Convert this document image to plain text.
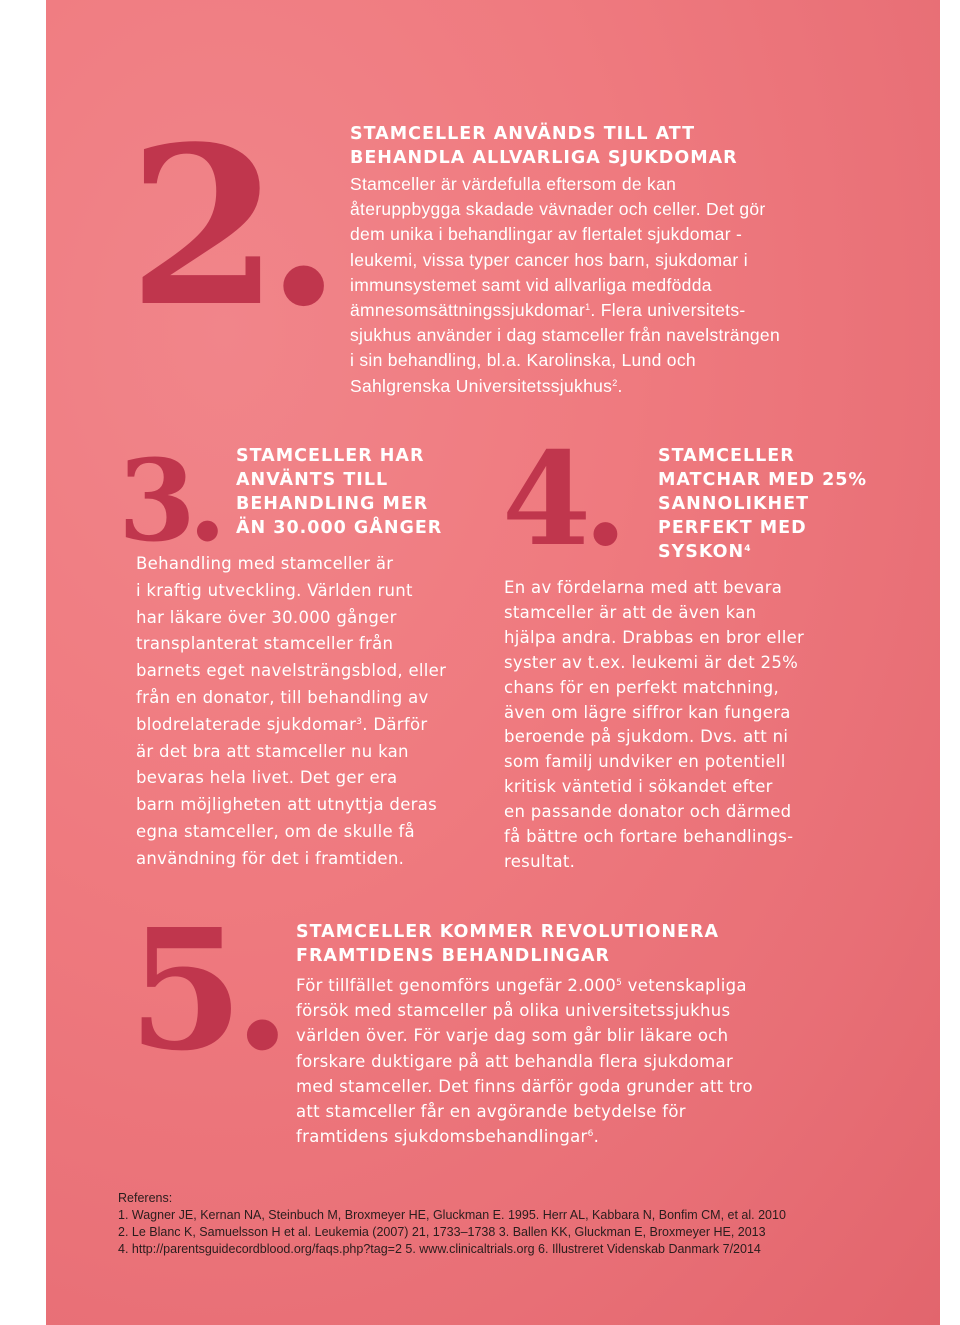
2. STAMCELLER ANVÄNDS TILL ATT
BEHANDLA ALLVARLIGA SJUKDOMAR
Stamceller är värdefulla eftersom de kan
återuppbygga skadade vävnader och celler. Det gör
dem unika i behandlingar av flertalet sjukdomar -
leukemi, vissa typer cancer hos barn, sjukdomar i
immunsystemet samt vid allvarliga medfödda
ämnesomsättningssjukdomar$^1$. Flera universitets-
sjukhus använder i dag stamceller från navelsträngen
i sin behandling, bl.a. Karolinska, Lund och
Sahlgrenska Universitetssjukhus$^2$.
3. STAMCELLER HAR
ANVÄNTS TILL
BEHANDLING MER
ÄN 30.000 GÅNGER
Behandling med stamceller är
i kraftig utveckling. Världen runt
har läkare över 30.000 gånger
transplanterat stamceller från
barnets eget navelsträngsblod, eller
från en donator, till behandling av
blodrelaterade sjukdomar$^3$. Därför
är det bra att stamceller nu kan
bevaras hela livet. Det ger era
barn möjligheten att utnyttja deras
egna stamceller, om de skulle få
användning för det i framtiden.
4. STAMCELLER
MATCHAR MED 25%
SANNOLIKHET
PERFEKT MED
SYSKON$^4$
En av fördelarna med att bevara
stamceller är att de även kan
hjälpa andra. Drabbas en bror eller
syster av t.ex. leukemi är det 25%
chans för en perfekt matchning,
även om lägre siffror kan fungera
beroende på sjukdom. Dvs. att ni
som familj undviker en potentiell
kritisk väntetid i sökandet efter
en passande donator och därmed
få bättre och fortare behandlings-
resultat.
5. STAMCELLER KOMMER REVOLUTIONERA
FRAMTIDENS BEHANDLINGAR
För tillfället genomförs ungefär 2.000$^5$ vetenskapliga
försök med stamceller på olika universitetssjukhus
världen över. För varje dag som går blir läkare och
forskare duktigare på att behandla flera sjukdomar
med stamceller. Det finns därför goda grunder att tro
att stamceller får en avgörande betydelse för
framtidens sjukdomsbehandlingar$^6$.
Referens:
1. Wagner JE, Kernan NA, Steinbuch M, Broxmeyer HE, Gluckman E. 1995. Herr AL, Kabbara N, Bonfim CM, et al. 2010
2. Le Blanc K, Samuelsson H et al. Leukemia (2007) 21, 1733–1738 3. Ballen KK, Gluckman E, Broxmeyer HE, 2013
4. http://parentsguidecordblood.org/faqs.php?tag=2 5. www.clinicaltrials.org 6. Illustreret Videnskab Danmark 7/2014
